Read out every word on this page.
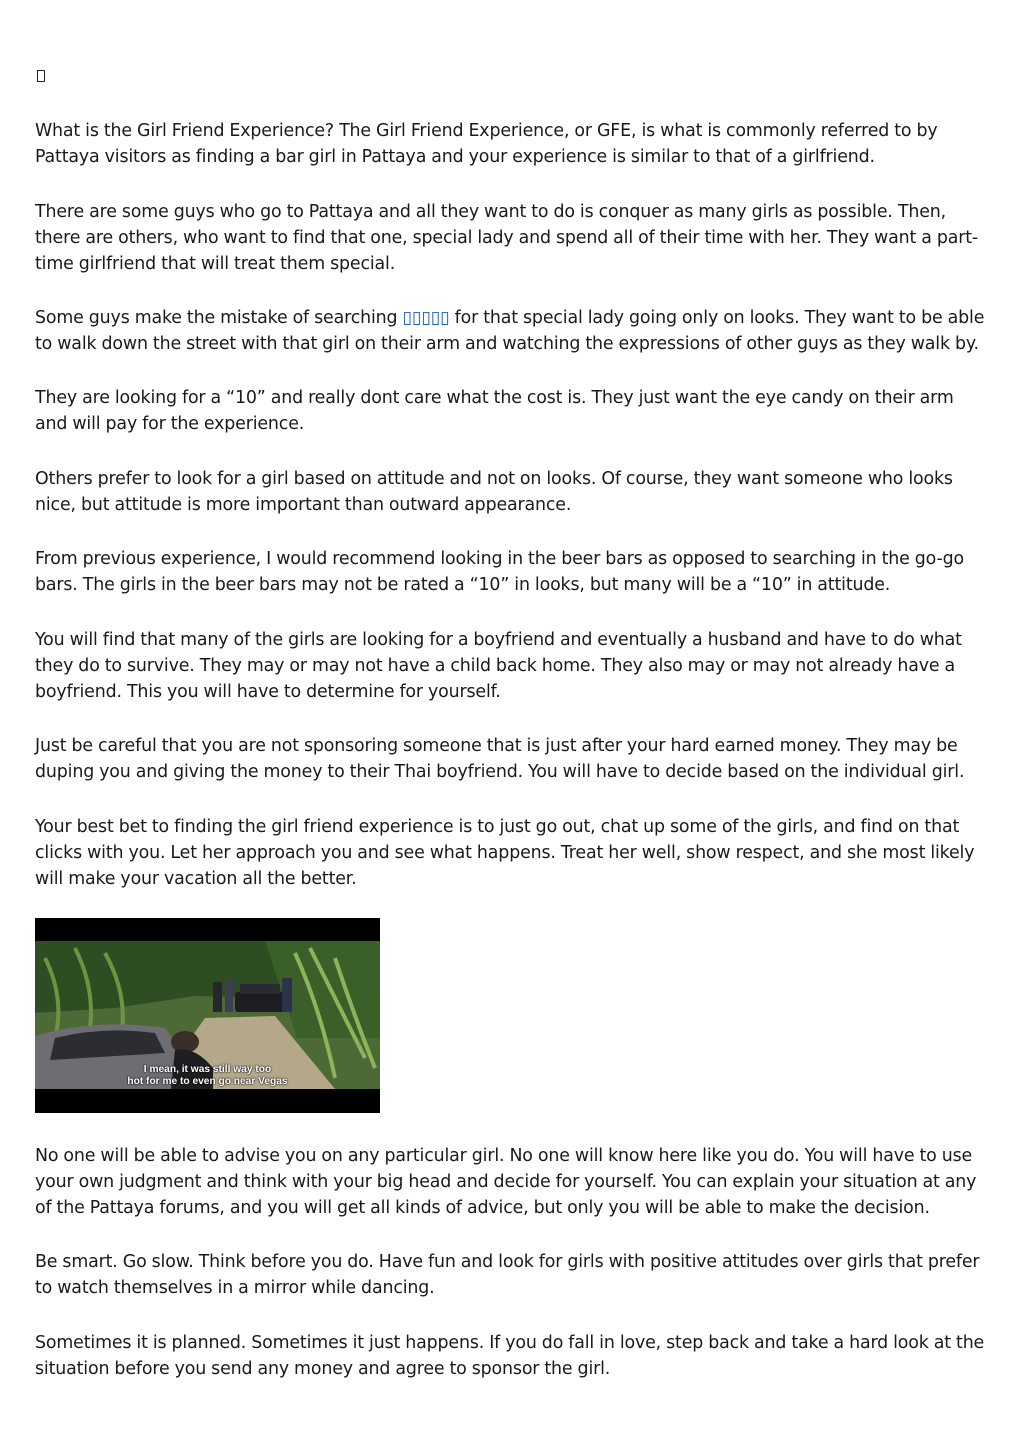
What is the Girl Friend Experience? The Girl Friend Experience, or GFE, is what is commonly referred to by Pattaya visitors as finding a bar girl in Pattaya and your experience is similar to that of a girlfriend.

There are some guys who go to Pattaya and all they want to do is conquer as many girls as possible. Then, there are others, who want to find that one, special lady and spend all of their time with her. They want a part-time girlfriend that will treat them special.

Some guys make the mistake of searching ▯▯▯▯▯ for that special lady going only on looks. They want to be able to walk down the street with that girl on their arm and watching the expressions of other guys as they walk by.

They are looking for a “10” and really dont care what the cost is. They just want the eye candy on their arm and will pay for the experience.

Others prefer to look for a girl based on attitude and not on looks. Of course, they want someone who looks nice, but attitude is more important than outward appearance.

From previous experience, I would recommend looking in the beer bars as opposed to searching in the go-go bars. The girls in the beer bars may not be rated a “10” in looks, but many will be a “10” in attitude.

You will find that many of the girls are looking for a boyfriend and eventually a husband and have to do what they do to survive. They may or may not have a child back home. They also may or may not already have a boyfriend. This you will have to determine for yourself.

Just be careful that you are not sponsoring someone that is just after your hard earned money. They may be duping you and giving the money to their Thai boyfriend. You will have to decide based on the individual girl.

Your best bet to finding the girl friend experience is to just go out, chat up some of the girls, and find on that clicks with you. Let her approach you and see what happens. Treat her well, show respect, and she most likely will make your vacation all the better.

I mean, it was still way too
hot for me to even go near Vegas

No one will be able to advise you on any particular girl. No one will know here like you do. You will have to use your own judgment and think with your big head and decide for yourself. You can explain your situation at any of the Pattaya forums, and you will get all kinds of advice, but only you will be able to make the decision.

Be smart. Go slow. Think before you do. Have fun and look for girls with positive attitudes over girls that prefer to watch themselves in a mirror while dancing.

Sometimes it is planned. Sometimes it just happens. If you do fall in love, step back and take a hard look at the situation before you send any money and agree to sponsor the girl.
